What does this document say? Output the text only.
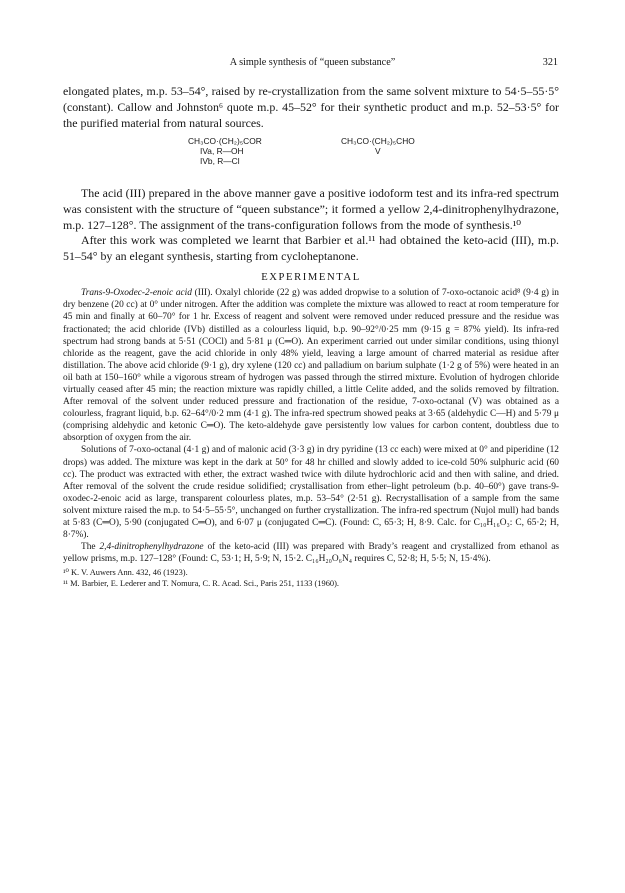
A simple synthesis of “queen substance”	321

elongated plates, m.p. 53–54°, raised by re-crystallization from the same solvent mixture to 54·5–55·5° (constant). Callow and Johnston⁶ quote m.p. 45–52° for their synthetic product and m.p. 52–53·5° for the purified material from natural sources.

CH₃CO·(CH₂)₅COR
IVa, R—OH
IVb, R—Cl
CH₃CO·(CH₂)₅CHO
V

The acid (III) prepared in the above manner gave a positive iodoform test and its infra-red spectrum was consistent with the structure of “queen substance”; it formed a yellow 2,4-dinitrophenylhydrazone, m.p. 127–128°. The assignment of the trans-configuration follows from the mode of synthesis.¹⁰

After this work was completed we learnt that Barbier et al.¹¹ had obtained the keto-acid (III), m.p. 51–54° by an elegant synthesis, starting from cycloheptanone.

EXPERIMENTAL

Trans-9-Oxodec-2-enoic acid (III). Oxalyl chloride (22 g) was added dropwise to a solution of 7-oxo-octanoic acid⁸ (9·4 g) in dry benzene (20 cc) at 0° under nitrogen. After the addition was complete the mixture was allowed to react at room temperature for 45 min and finally at 60–70° for 1 hr. Excess of reagent and solvent were removed under reduced pressure and the residue was fractionated; the acid chloride (IVb) distilled as a colourless liquid, b.p. 90–92°/0·25 mm (9·15 g = 87% yield). Its infra-red spectrum had strong bands at 5·51 (COCl) and 5·81 μ (C═O). An experiment carried out under similar conditions, using thionyl chloride as the reagent, gave the acid chloride in only 48% yield, leaving a large amount of charred material as residue after distillation. The above acid chloride (9·1 g), dry xylene (120 cc) and palladium on barium sulphate (1·2 g of 5%) were heated in an oil bath at 150–160° while a vigorous stream of hydrogen was passed through the stirred mixture. Evolution of hydrogen chloride virtually ceased after 45 min; the reaction mixture was rapidly chilled, a little Celite added, and the solids removed by filtration. After removal of the solvent under reduced pressure and fractionation of the residue, 7-oxo-octanal (V) was obtained as a colourless, fragrant liquid, b.p. 62–64°/0·2 mm (4·1 g). The infra-red spectrum showed peaks at 3·65 (aldehydic C—H) and 5·79 μ (comprising aldehydic and ketonic C═O). The keto-aldehyde gave persistently low values for carbon content, doubtless due to absorption of oxygen from the air.

Solutions of 7-oxo-octanal (4·1 g) and of malonic acid (3·3 g) in dry pyridine (13 cc each) were mixed at 0° and piperidine (12 drops) was added. The mixture was kept in the dark at 50° for 48 hr chilled and slowly added to ice-cold 50% sulphuric acid (60 cc). The product was extracted with ether, the extract washed twice with dilute hydrochloric acid and then with saline, and dried. After removal of the solvent the crude residue solidified; crystallisation from ether–light petroleum (b.p. 40–60°) gave trans-9-oxodec-2-enoic acid as large, transparent colourless plates, m.p. 53–54° (2·51 g). Recrystallisation of a sample from the same solvent mixture raised the m.p. to 54·5–55·5°, unchanged on further crystallization. The infra-red spectrum (Nujol mull) had bands at 5·83 (C═O), 5·90 (conjugated C═O), and 6·07 μ (conjugated C═C). (Found: C, 65·3; H, 8·9. Calc. for C₁₀H₁₆O₃: C, 65·2; H, 8·7%).

The 2,4-dinitrophenylhydrazone of the keto-acid (III) was prepared with Brady’s reagent and crystallized from ethanol as yellow prisms, m.p. 127–128° (Found: C, 53·1; H, 5·9; N, 15·2. C₁₆H₂₀O₆N₄ requires C, 52·8; H, 5·5; N, 15·4%).

¹⁰ K. V. Auwers Ann. 432, 46 (1923).

¹¹ M. Barbier, E. Lederer and T. Nomura, C. R. Acad. Sci., Paris 251, 1133 (1960).
